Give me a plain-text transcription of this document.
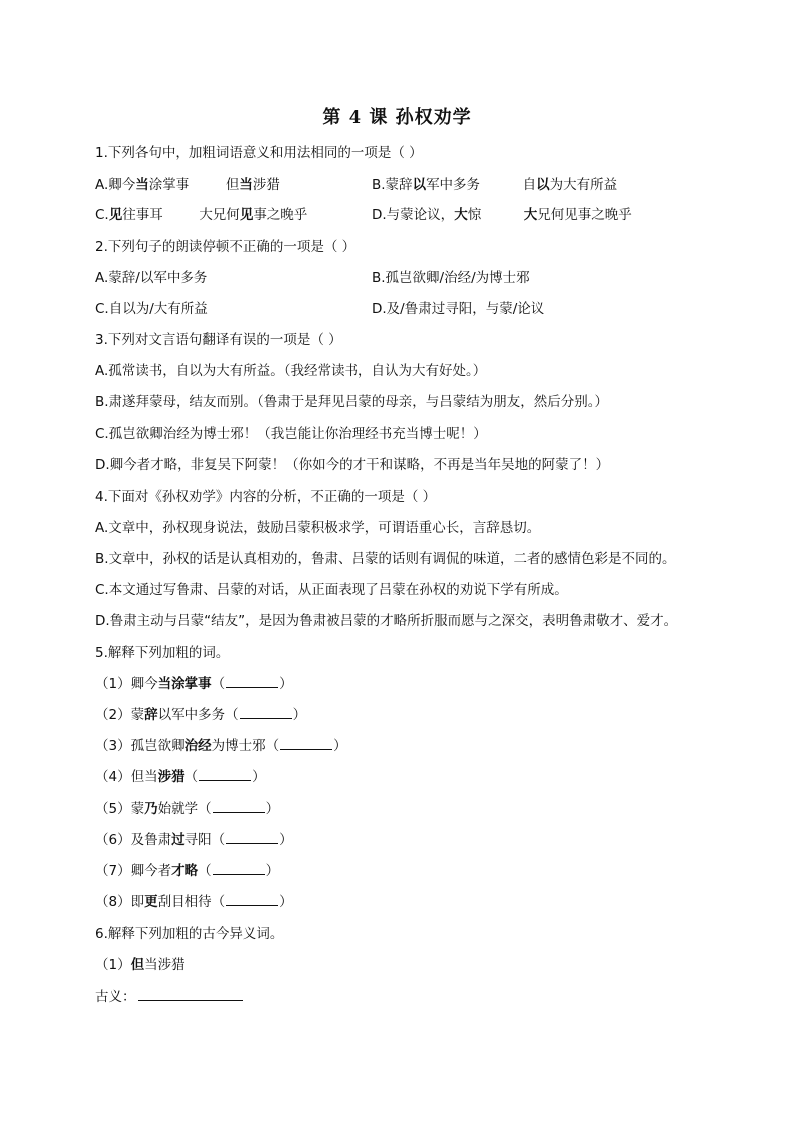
第 4 课 孙权劝学
1.下列各句中，加粗词语意义和用法相同的一项是（ ）
A.卿今当涂掌事	但当涉猎	B.蒙辞以军中多务	自以为大有所益
C.见往事耳	大兄何见事之晚乎	D.与蒙论议，大惊	大兄何见事之晚乎
2.下列句子的朗读停顿不正确的一项是（ ）
A.蒙辞/以军中多务	B.孤岂欲卿/治经/为博士邪
C.自以为/大有所益	D.及/鲁肃过寻阳，与蒙/论议
3.下列对文言语句翻译有误的一项是（ ）
A.孤常读书，自以为大有所益。（我经常读书，自认为大有好处。）
B.肃遂拜蒙母，结友而别。（鲁肃于是拜见吕蒙的母亲，与吕蒙结为朋友，然后分别。）
C.孤岂欲卿治经为博士邪！（我岂能让你治理经书充当博士呢！）
D.卿今者才略，非复吴下阿蒙！（你如今的才干和谋略，不再是当年吴地的阿蒙了！）
4.下面对《孙权劝学》内容的分析，不正确的一项是（ ）
A.文章中，孙权现身说法，鼓励吕蒙积极求学，可谓语重心长，言辞恳切。
B.文章中，孙权的话是认真相劝的，鲁肃、吕蒙的话则有调侃的味道，二者的感情色彩是不同的。
C.本文通过写鲁肃、吕蒙的对话，从正面表现了吕蒙在孙权的劝说下学有所成。
D.鲁肃主动与吕蒙“结友”，是因为鲁肃被吕蒙的才略所折服而愿与之深交，表明鲁肃敬才、爱才。
5.解释下列加粗的词。
（1）卿今当涂掌事（	）
（2）蒙辞以军中多务（	）
（3）孤岂欲卿治经为博士邪（	）
（4）但当涉猎（	）
（5）蒙乃始就学（	）
（6）及鲁肃过寻阳（	）
（7）卿今者才略（	）
（8）即更刮目相待（	）
6.解释下列加粗的古今异义词。
（1）但当涉猎
古义：
